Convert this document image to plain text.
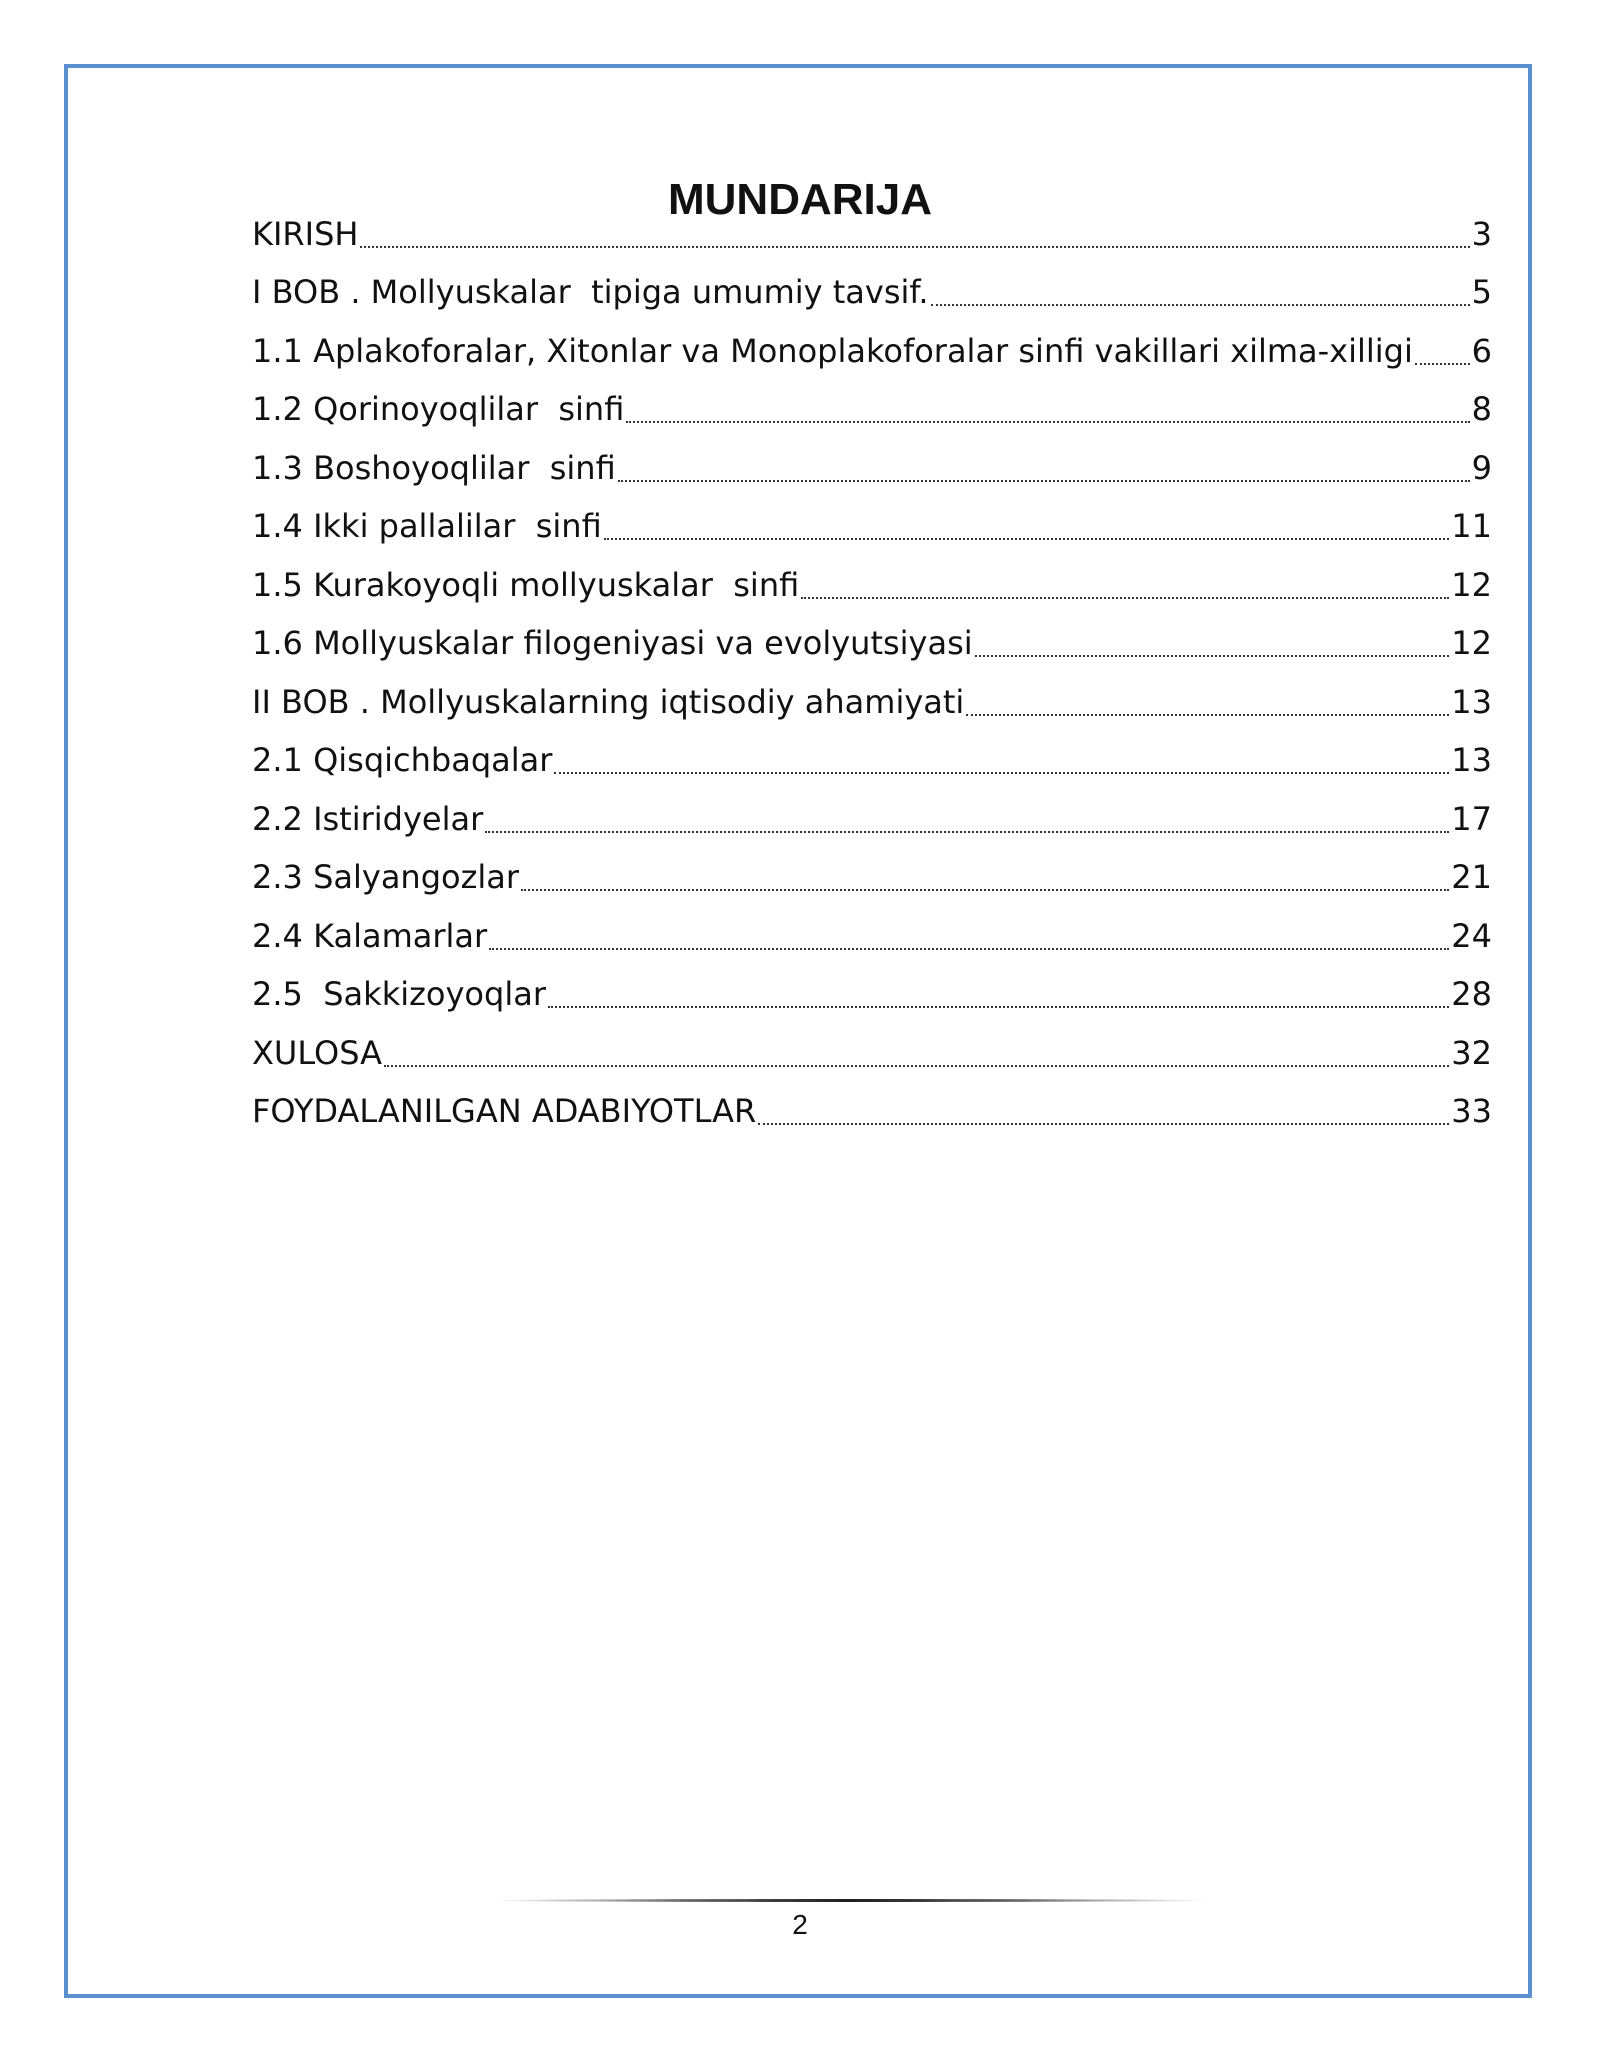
MUNDARIJA
KIRISH	3
I BOB . Mollyuskalar  tipiga umumiy tavsif.	5
1.1 Aplakoforalar, Xitonlar va Monoplakoforalar sinfi vakillari xilma-xilligi 6
1.2 Qorinoyoqlilar  sinfi	8
1.3 Boshoyoqlilar  sinfi	9
1.4 Ikki pallalilar  sinfi	11
1.5 Kurakoyoqli mollyuskalar  sinfi	12
1.6 Mollyuskalar filogeniyasi va evolyutsiyasi	12
II BOB . Mollyuskalarning iqtisodiy ahamiyati	13
2.1 Qisqichbaqalar	13
2.2 Istiridyelar	17
2.3 Salyangozlar	21
2.4 Kalamarlar	24
2.5  Sakkizoyoqlar	28
XULOSA	32
FOYDALANILGAN ADABIYOTLAR	33
2
